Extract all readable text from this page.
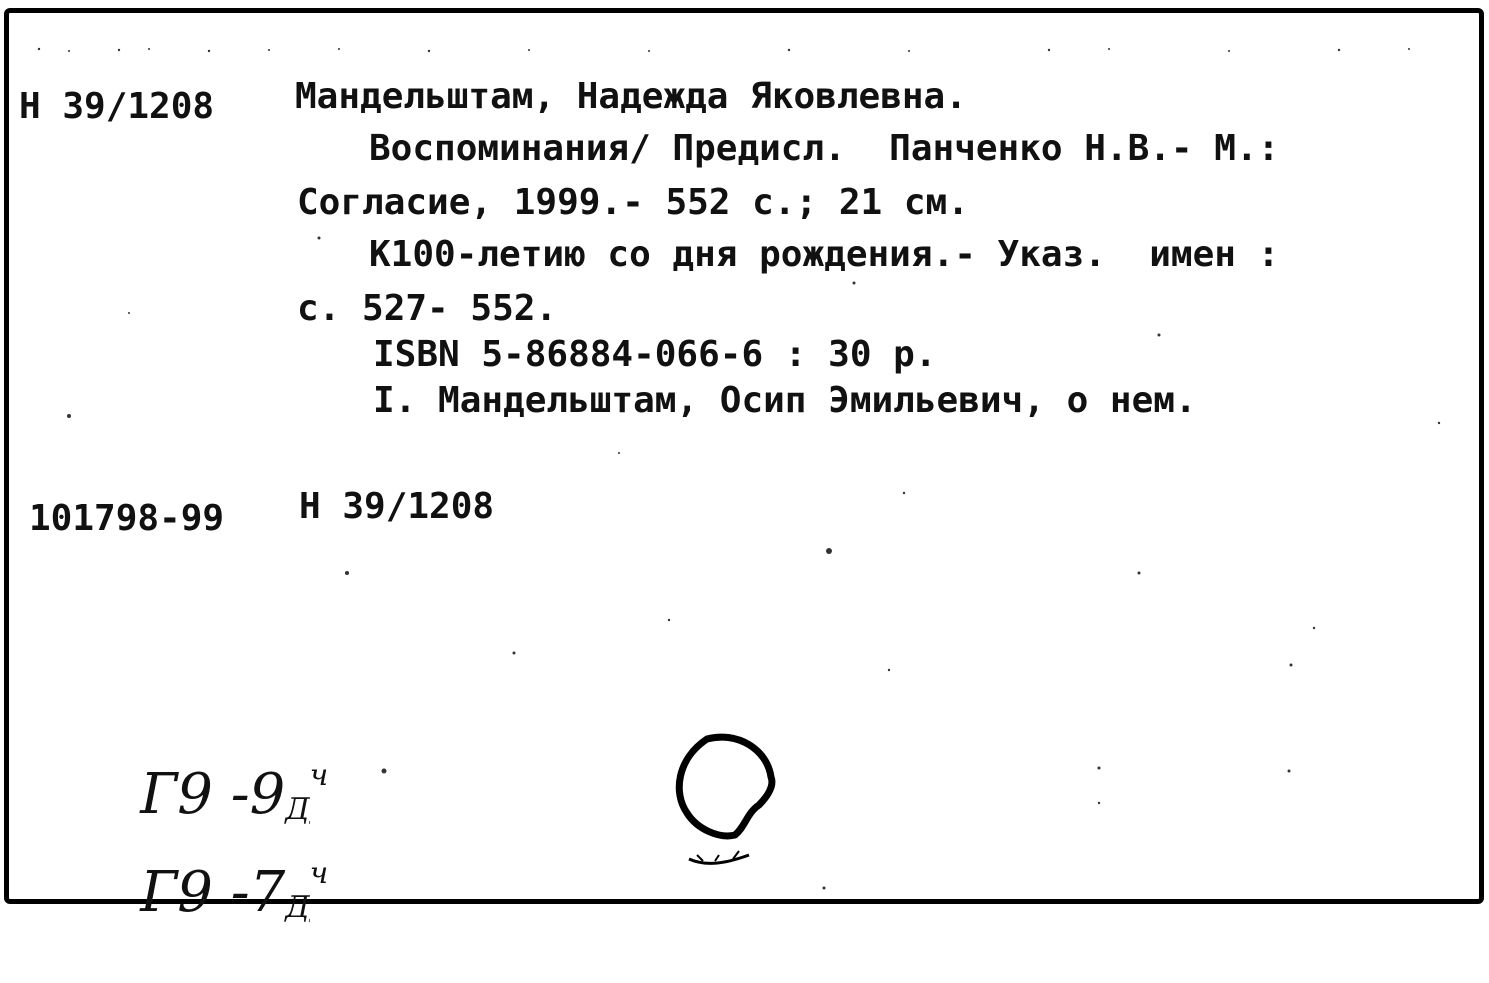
Н 39/1208 Мандельштам, Надежда Яковлевна.
Воспоминания/ Предисл.  Панченко Н.В.- М.:
Согласие, 1999.- 552 с.; 21 см.
К100-летию со дня рождения.- Указ.  имен :
с. 527- 552.
ISBN 5-86884-066-6 : 30 р.
I. Мандельштам, Осип Эмильевич, о нем.
101798-99 Н 39/1208

Г9 $-9_Д^ч$

Г9 $-7_Д^ч$
